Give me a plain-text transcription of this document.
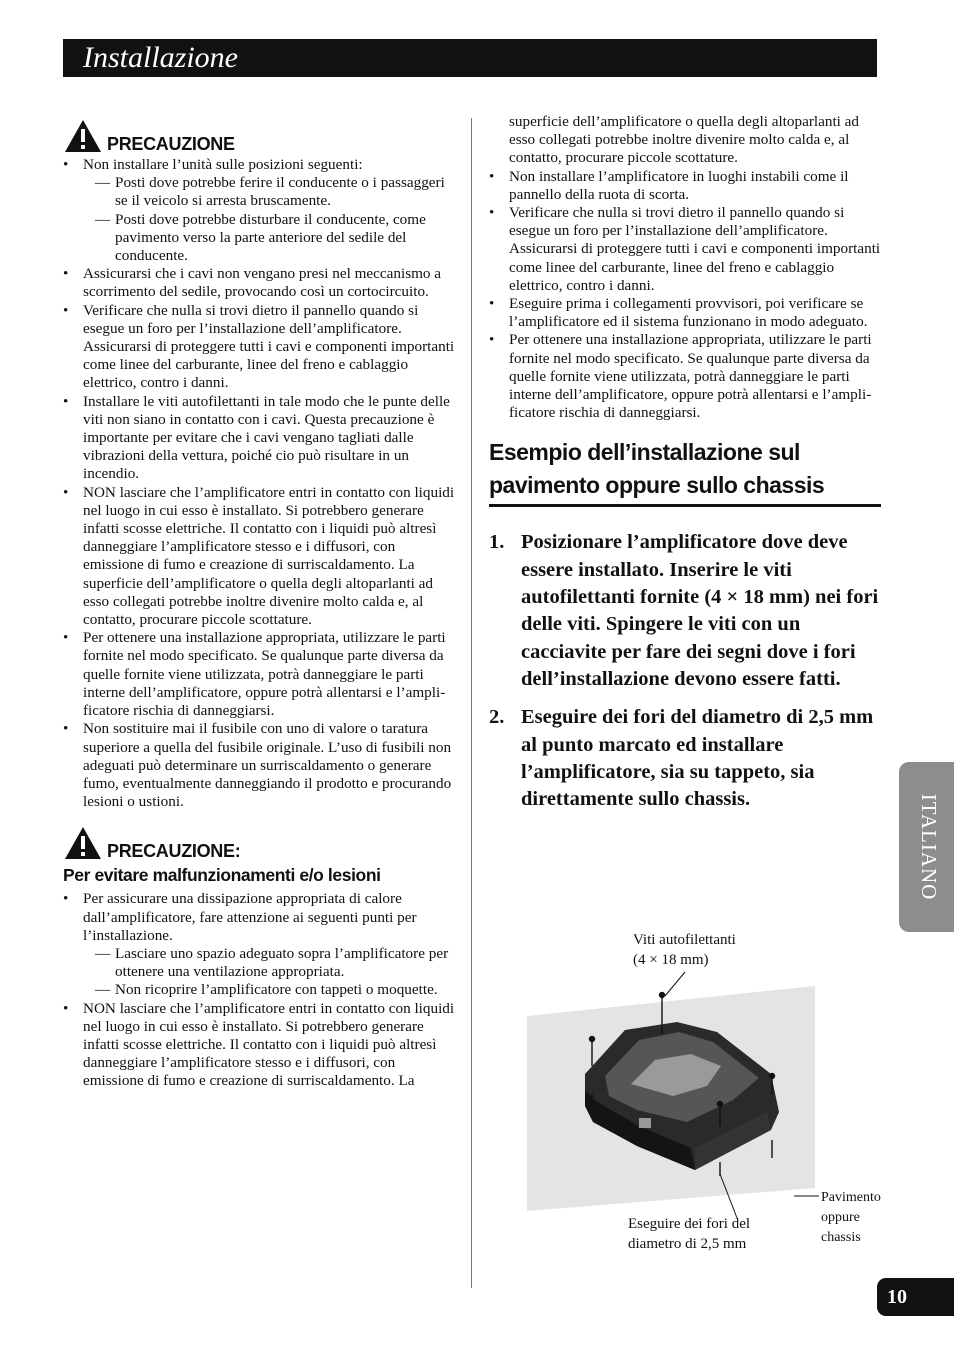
Installazione
PRECAUZIONE
• Non installare l’unità sulle posizioni seguenti:
— Posti dove potrebbe ferire il conducente o i passaggeri se il veicolo si arresta bruscamente.
— Posti dove potrebbe disturbare il conducente, come pavimento verso la parte anteriore del sedile del conducente.
• Assicurarsi che i cavi non vengano presi nel meccanismo a scorrimento del sedile, provocando così un cortocircuito.
• Verificare che nulla si trovi dietro il pannello quando si esegue un foro per l’installazione dell’amplificatore. Assicurarsi di proteggere tutti i cavi e componenti importanti come linee del carburante, linee del freno e cablaggio elettrico, contro i danni.
• Installare le viti autofilettanti in tale modo che le punte delle viti non siano in contatto con i cavi. Questa precauzione è importante per evitare che i cavi vengano tagliati dalle vibrazioni della vettura, poiché cio può risultare in un incendio.
• NON lasciare che l’amplificatore entri in contatto con liquidi nel luogo in cui esso è installato. Si potrebbero generare infatti scosse elettriche. Il contatto con i liquidi può altresì danneggiare l’amplificatore stesso e i diffusori, con emissione di fumo e creazione di surriscaldamento. La superficie dell’amplificatore o quella degli altoparlanti ad esso collegati potrebbe inoltre divenire molto calda e, al contatto, procurare piccole scottature.
• Per ottenere una installazione appropriata, utilizzare le parti fornite nel modo specificato. Se qualunque parte diversa da quelle fornite viene utilizzata, potrà danneggiare le parti interne dell’amplificatore, oppure potrà allentarsi e l’amplificatore rischia di danneggiarsi.
• Non sostituire mai il fusibile con uno di valore o taratura superiore a quella del fusibile originale. L’uso di fusibili non adeguati può determinare un surriscaldamento o generare fumo, eventualmente danneggiando il prodotto e procurando lesioni o ustioni.
PRECAUZIONE:
Per evitare malfunzionamenti e/o lesioni
• Per assicurare una dissipazione appropriata di calore dall’amplificatore, fare attenzione ai seguenti punti per l’installazione.
— Lasciare uno spazio adeguato sopra l’amplificatore per ottenere una ventilazione appropriata.
— Non ricoprire l’amplificatore con tappeti o moquette.
• NON lasciare che l’amplificatore entri in contatto con liquidi nel luogo in cui esso è installato. Si potrebbero generare infatti scosse elettriche. Il contatto con i liquidi può altresì danneggiare l’amplificatore stesso e i diffusori, con emissione di fumo e creazione di surriscaldamento. La

superficie dell’amplificatore o quella degli altoparlanti ad esso collegati potrebbe inoltre divenire molto calda e, al contatto, procurare piccole scottature.

• Non installare l’amplificatore in luoghi instabili come il pannello della ruota di scorta.
• Verificare che nulla si trovi dietro il pannello quando si esegue un foro per l’installazione dell’amplificatore. Assicurarsi di proteggere tutti i cavi e componenti importanti come linee del carburante, linee del freno e cablaggio elettrico, contro i danni.
• Eseguire prima i collegamenti provvisori, poi verificare se l’amplificatore ed il sistema funzionano in modo adeguato.
• Per ottenere una installazione appropriata, utilizzare le parti fornite nel modo specificato. Se qualunque parte diversa da quelle fornite viene utilizzata, potrà danneggiare le parti interne dell’amplificatore, oppure potrà allentarsi e l’amplificatore rischia di danneggiarsi.
Esempio dell’installazione sul
pavimento oppure sullo chassis
1. Posizionare l’amplificatore dove deve essere installato. Inserire le viti autofilettanti fornite (4 × 18 mm) nei fori delle viti. Spingere le viti con un cacciavite per fare dei segni dove i fori dell’installazione devono essere fatti.
2. Eseguire dei fori del diametro di 2,5 mm al punto marcato ed installare l’amplificatore, sia su tappeto, sia direttamente sullo chassis.
Viti autofilettanti
(4 × 18 mm)
Eseguire dei fori del
diametro di 2,5 mm
Pavimento
oppure
chassis
ITALIANO
10
